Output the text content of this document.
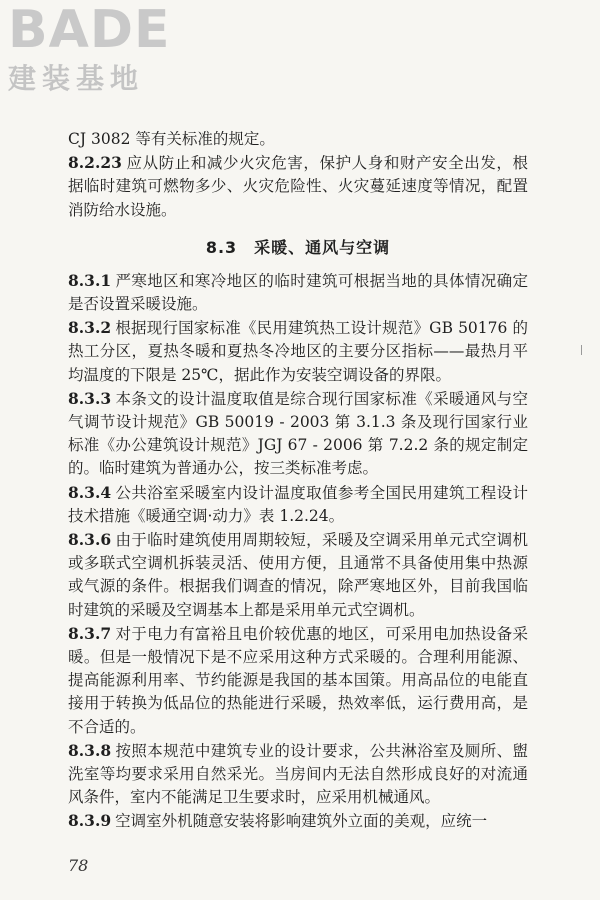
BADE
建装基地

CJ 3082 等有关标准的规定。

8.2.23 应从防止和减少火灾危害，保护人身和财产安全出发，根据临时建筑可燃物多少、火灾危险性、火灾蔓延速度等情况，配置消防给水设施。

8.3　采暖、通风与空调

8.3.1 严寒地区和寒冷地区的临时建筑可根据当地的具体情况确定是否设置采暖设施。

8.3.2 根据现行国家标准《民用建筑热工设计规范》GB 50176 的热工分区，夏热冬暖和夏热冬冷地区的主要分区指标——最热月平均温度的下限是 25℃，据此作为安装空调设备的界限。

8.3.3 本条文的设计温度取值是综合现行国家标准《采暖通风与空气调节设计规范》GB 50019 - 2003 第 3.1.3 条及现行国家行业标准《办公建筑设计规范》JGJ 67 - 2006 第 7.2.2 条的规定制定的。临时建筑为普通办公，按三类标准考虑。

8.3.4 公共浴室采暖室内设计温度取值参考全国民用建筑工程设计技术措施《暖通空调·动力》表 1.2.24。

8.3.6 由于临时建筑使用周期较短，采暖及空调采用单元式空调机或多联式空调机拆装灵活、使用方便，且通常不具备使用集中热源或气源的条件。根据我们调查的情况，除严寒地区外，目前我国临时建筑的采暖及空调基本上都是采用单元式空调机。

8.3.7 对于电力有富裕且电价较优惠的地区，可采用电加热设备采暖。但是一般情况下是不应采用这种方式采暖的。合理利用能源、提高能源利用率、节约能源是我国的基本国策。用高品位的电能直接用于转换为低品位的热能进行采暖，热效率低，运行费用高，是不合适的。

8.3.8 按照本规范中建筑专业的设计要求，公共淋浴室及厕所、盥洗室等均要求采用自然采光。当房间内无法自然形成良好的对流通风条件，室内不能满足卫生要求时，应采用机械通风。

8.3.9 空调室外机随意安装将影响建筑外立面的美观，应统一

78
